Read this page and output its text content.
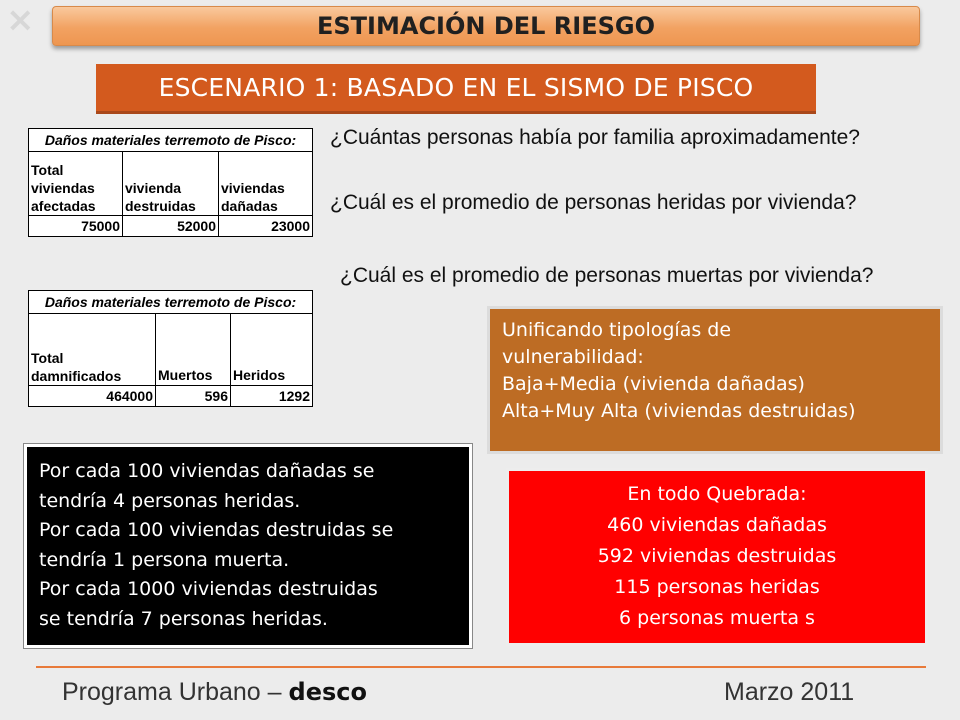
×	ESTIMACIÓN DEL RIESGO
ESCENARIO 1: BASADO EN EL SISMO DE PISCO
Daños materiales terremoto de Pisco:		
Total viviendas afectadas	vivienda destruidas	viviendas dañadas
75000	52000	23000
Daños materiales terremoto de Pisco:		
Total damnificados	Muertos	Heridos
464000	596	1292
¿Cuántas personas había por familia aproximadamente?
¿Cuál es el promedio de personas heridas por vivienda?
¿Cuál es el promedio de personas muertas por vivienda?
Unificando tipologías de
vulnerabilidad:
Baja+Media (vivienda dañadas)
Alta+Muy Alta (viviendas destruidas)
Por cada 100 viviendas dañadas se
tendría 4 personas heridas.
Por cada 100 viviendas destruidas se
tendría 1 persona muerta.
Por cada 1000 viviendas destruidas
se tendría 7 personas heridas.
En todo Quebrada:
460 viviendas dañadas
592 viviendas destruidas
115 personas heridas
6 personas muerta s
Programa Urbano – desco	Marzo 2011
